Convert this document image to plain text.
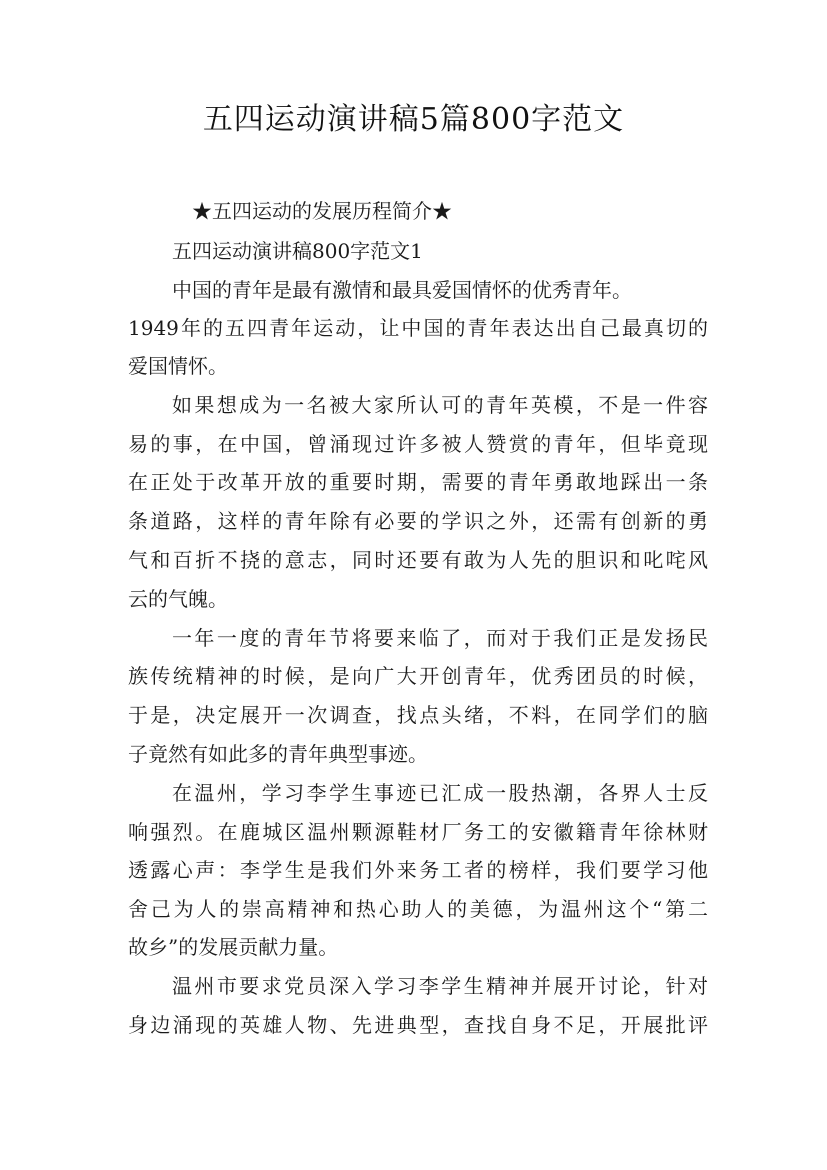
五四运动演讲稿5篇800字范文
★五四运动的发展历程简介★
五四运动演讲稿800字范文1
中国的青年是最有激情和最具爱国情怀的优秀青年。
1949年的五四青年运动，让中国的青年表达出自己最真切的
爱国情怀。
如果想成为一名被大家所认可的青年英模，不是一件容
易的事，在中国，曾涌现过许多被人赞赏的青年，但毕竟现
在正处于改革开放的重要时期，需要的青年勇敢地踩出一条
条道路，这样的青年除有必要的学识之外，还需有创新的勇
气和百折不挠的意志，同时还要有敢为人先的胆识和叱咤风
云的气魄。
一年一度的青年节将要来临了，而对于我们正是发扬民
族传统精神的时候，是向广大开创青年，优秀团员的时候，
于是，决定展开一次调查，找点头绪，不料，在同学们的脑
子竟然有如此多的青年典型事迹。
在温州，学习李学生事迹已汇成一股热潮，各界人士反
响强烈。在鹿城区温州颗源鞋材厂务工的安徽籍青年徐林财
透露心声：李学生是我们外来务工者的榜样，我们要学习他
舍己为人的崇高精神和热心助人的美德，为温州这个“第二
故乡”的发展贡献力量。
温州市要求党员深入学习李学生精神并展开讨论，针对
身边涌现的英雄人物、先进典型，查找自身不足，开展批评
